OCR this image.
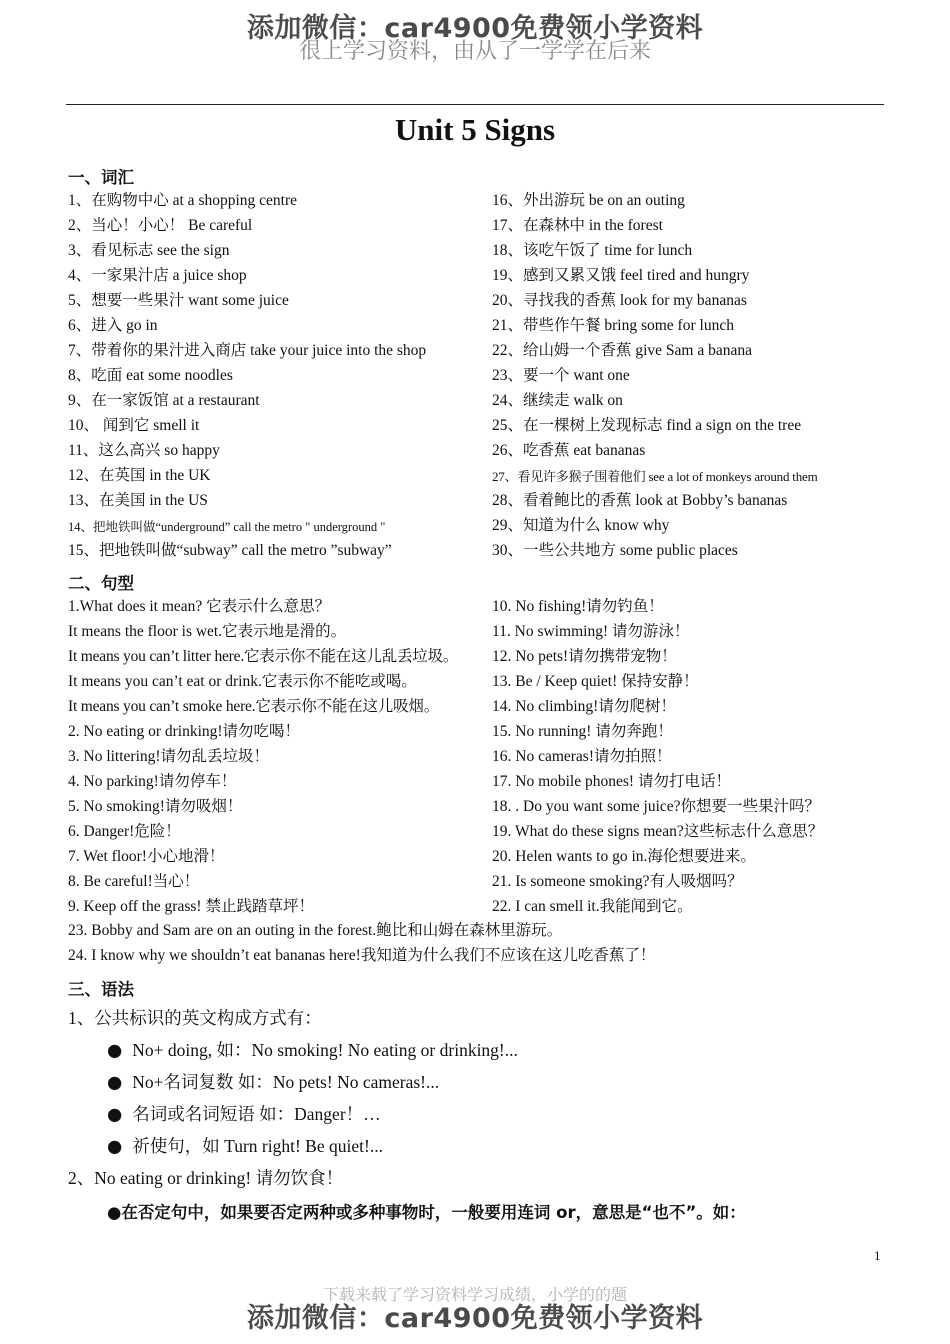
添加微信：car4900免费领小学资料
很上学习资料，由从了一学学在后来
Unit 5 Signs
一、词汇
1、在购物中心 at a shopping centre
2、当心！小心！ Be careful
3、看见标志 see the sign
4、一家果汁店 a juice shop
5、想要一些果汁 want some juice
6、进入 go in
7、带着你的果汁进入商店 take your juice into the shop
8、吃面 eat some noodles
9、在一家饭馆 at a restaurant
10、 闻到它 smell it
11、这么高兴 so happy
12、在英国 in the UK
13、在美国 in the US
14、把地铁叫做“underground” call the metro " underground "
15、把地铁叫做“subway” call the metro ”subway”
16、外出游玩 be on an outing
17、在森林中 in the forest
18、该吃午饭了 time for lunch
19、感到又累又饿 feel tired and hungry
20、寻找我的香蕉 look for my bananas
21、带些作午餐 bring some for lunch
22、给山姆一个香蕉 give Sam a banana
23、要一个 want one
24、继续走 walk on
25、在一棵树上发现标志 find a sign on the tree
26、吃香蕉 eat bananas
27、看见许多猴子围着他们 see a lot of monkeys around them
28、看着鲍比的香蕉 look at Bobby’s bananas
29、知道为什么 know why
30、一些公共地方 some public places
二、句型
1.What does it mean? 它表示什么意思？
It means the floor is wet.它表示地是滑的。
It means you can’t litter here.它表示你不能在这儿乱丢垃圾。
It means you can’t eat or drink.它表示你不能吃或喝。
It means you can’t smoke here.它表示你不能在这儿吸烟。
2. No eating or drinking!请勿吃喝！
3. No littering!请勿乱丢垃圾！
4. No parking!请勿停车！
5. No smoking!请勿吸烟！
6. Danger!危险！
7. Wet floor!小心地滑！
8. Be careful!当心！
9. Keep off the grass! 禁止践踏草坪！
10. No fishing!请勿钓鱼！
11. No swimming! 请勿游泳！
12. No pets!请勿携带宠物！
13. Be / Keep quiet! 保持安静！
14. No climbing!请勿爬树！
15. No running! 请勿奔跑！
16. No cameras!请勿拍照！
17. No mobile phones! 请勿打电话！
18. . Do you want some juice?你想要一些果汁吗？
19. What do these signs mean?这些标志什么意思？
20. Helen wants to go in.海伦想要进来。
21. Is someone smoking?有人吸烟吗？
22. I can smell it.我能闻到它。
23. Bobby and Sam are on an outing in the forest.鲍比和山姆在森林里游玩。
24. I know why we shouldn’t eat bananas here!我知道为什么我们不应该在这儿吃香蕉了！
三、语法
1、公共标识的英文构成方式有：
● No+ doing, 如：No smoking! No eating or drinking!...
● No+名词复数 如：No pets! No cameras!...
● 名词或名词短语 如：Danger！…
● 祈使句，如 Turn right! Be quiet!...
2、No eating or drinking! 请勿饮食！
●在否定句中，如果要否定两种或多种事物时，一般要用连词 or，意思是“也不”。如：
1
下载来载了学习资料学习成绩，小学的的题
添加微信：car4900免费领小学资料
